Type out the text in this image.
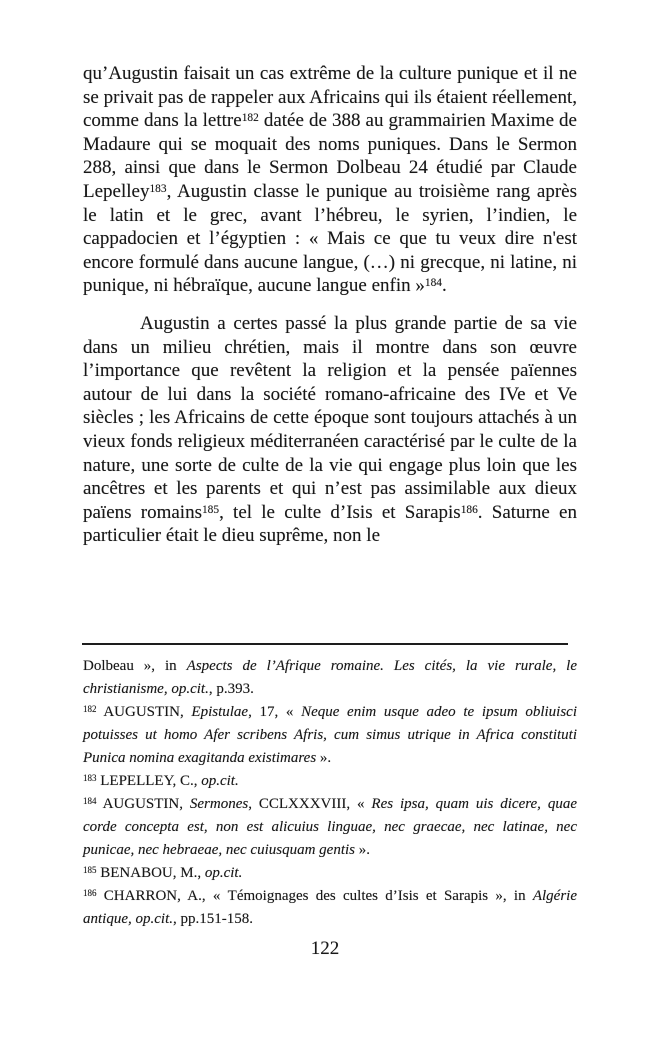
qu’Augustin faisait un cas extrême de la culture punique et il ne se privait pas de rappeler aux Africains qui ils étaient réellement, comme dans la lettre$^{182}$ datée de 388 au grammairien Maxime de Madaure qui se moquait des noms puniques. Dans le Sermon 288, ainsi que dans le Sermon Dolbeau 24 étudié par Claude Lepelley$^{183}$, Augustin classe le punique au troisième rang après le latin et le grec, avant l’hébreu, le syrien, l’indien, le cappadocien et l’égyptien : « Mais ce que tu veux dire n'est encore formulé dans aucune langue, (…) ni grecque, ni latine, ni punique, ni hébraïque, aucune langue enfin »$^{184}$.

Augustin a certes passé la plus grande partie de sa vie dans un milieu chrétien, mais il montre dans son œuvre l’importance que revêtent la religion et la pensée païennes autour de lui dans la société romano-africaine des IVe et Ve siècles ; les Africains de cette époque sont toujours attachés à un vieux fonds religieux méditerranéen caractérisé par le culte de la nature, une sorte de culte de la vie qui engage plus loin que les ancêtres et les parents et qui n’est pas assimilable aux dieux païens romains$^{185}$, tel le culte d’Isis et Sarapis$^{186}$. Saturne en particulier était le dieu suprême, non le

Dolbeau », in Aspects de l’Afrique romaine. Les cités, la vie rurale, le christianisme, op.cit., p.393.

$^{182}$ AUGUSTIN, Epistulae, 17, « Neque enim usque adeo te ipsum obliuisci potuisses ut homo Afer scribens Afris, cum simus utrique in Africa constituti Punica nomina exagitanda existimares ».

$^{183}$ LEPELLEY, C., op.cit.

$^{184}$ AUGUSTIN, Sermones, CCLXXXVIII, « Res ipsa, quam uis dicere, quae corde concepta est, non est alicuius linguae, nec graecae, nec latinae, nec punicae, nec hebraeae, nec cuiusquam gentis ».

$^{185}$ BENABOU, M., op.cit.

$^{186}$ CHARRON, A., « Témoignages des cultes d’Isis et Sarapis », in Algérie antique, op.cit., pp.151-158.

122
